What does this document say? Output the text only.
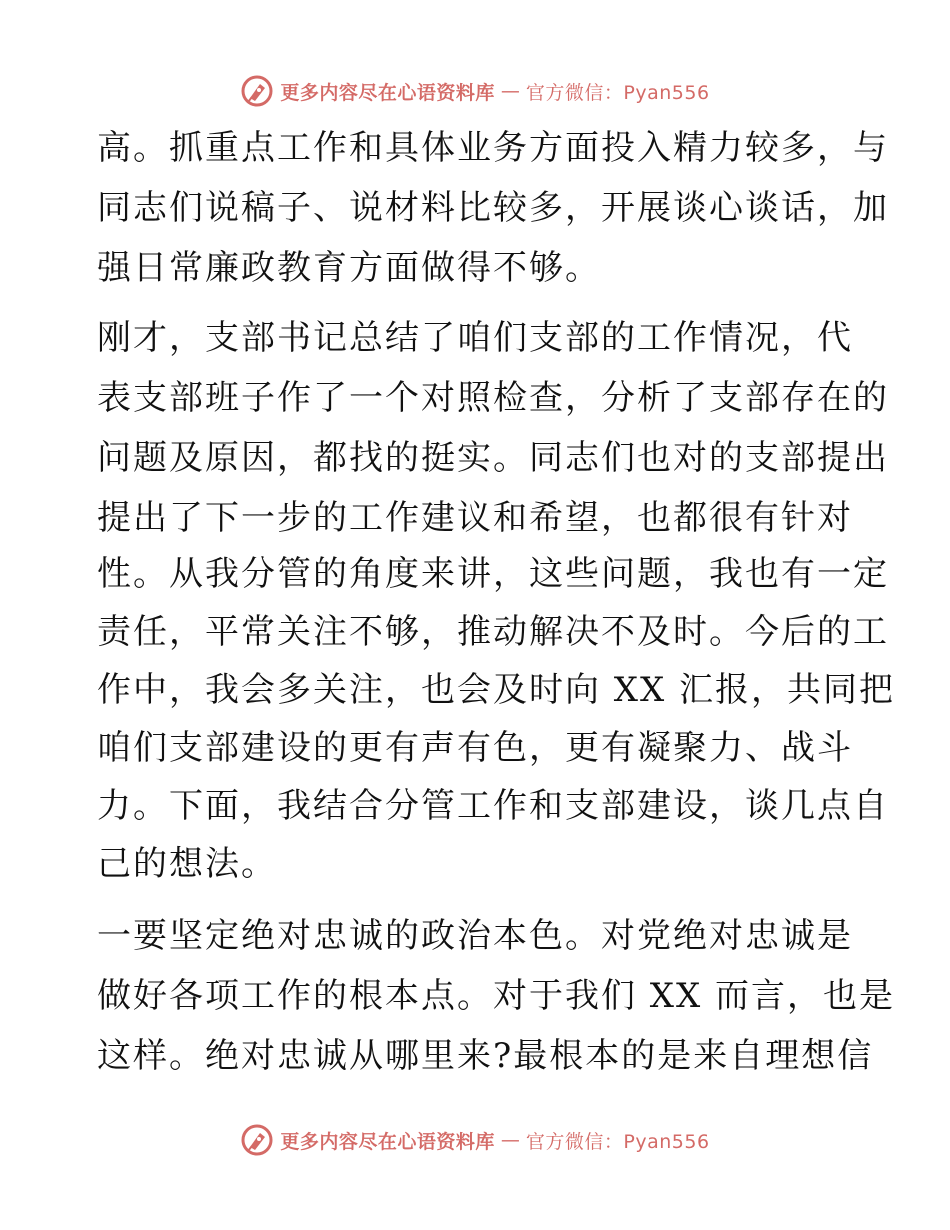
更多内容尽在心语资料库 — 官方微信：Pyan556
高。抓重点工作和具体业务方面投入精力较多，与
同志们说稿子、说材料比较多，开展谈心谈话，加
强日常廉政教育方面做得不够。
刚才，支部书记总结了咱们支部的工作情况，代
表支部班子作了一个对照检查，分析了支部存在的
问题及原因，都找的挺实。同志们也对的支部提出
提出了下一步的工作建议和希望，也都很有针对
性。从我分管的角度来讲，这些问题，我也有一定
责任，平常关注不够，推动解决不及时。今后的工
作中，我会多关注，也会及时向 XX 汇报，共同把
咱们支部建设的更有声有色，更有凝聚力、战斗
力。下面，我结合分管工作和支部建设，谈几点自
己的想法。
一要坚定绝对忠诚的政治本色。对党绝对忠诚是
做好各项工作的根本点。对于我们 XX 而言，也是
这样。绝对忠诚从哪里来?最根本的是来自理想信
更多内容尽在心语资料库 — 官方微信：Pyan556
